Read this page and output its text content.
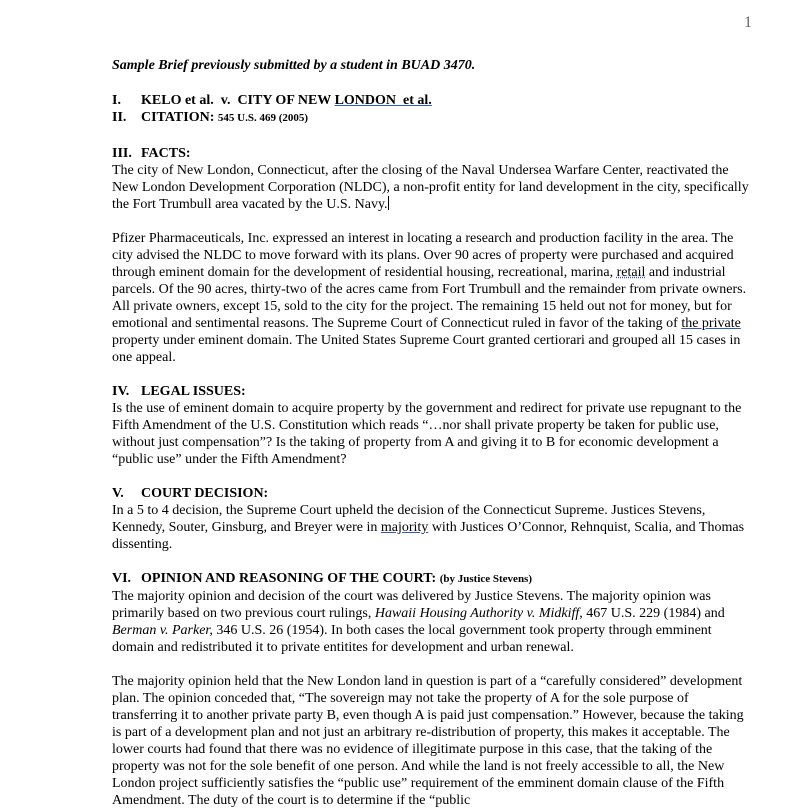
1

Sample Brief previously submitted by a student in BUAD 3470.

I. KELO et al.  v.  CITY OF NEW LONDON  et al.

II. CITATION: 545 U.S. 469 (2005)

III. FACTS:

The city of New London, Connecticut, after the closing of the Naval Undersea Warfare Center, reactivated the New London Development Corporation (NLDC), a non-profit entity for land development in the city, specifically the Fort Trumbull area vacated by the U.S. Navy.

Pfizer Pharmaceuticals, Inc. expressed an interest in locating a research and production facility in the area. The city advised the NLDC to move forward with its plans. Over 90 acres of property were purchased and acquired through eminent domain for the development of residential housing, recreational, marina, retail and industrial parcels. Of the 90 acres, thirty-two of the acres came from Fort Trumbull and the remainder from private owners. All private owners, except 15, sold to the city for the project. The remaining 15 held out not for money, but for emotional and sentimental reasons. The Supreme Court of Connecticut ruled in favor of the taking of the private property under eminent domain. The United States Supreme Court granted certiorari and grouped all 15 cases in one appeal.

IV. LEGAL ISSUES:

Is the use of eminent domain to acquire property by the government and redirect for private use repugnant to the Fifth Amendment of the U.S. Constitution which reads “…nor shall private property be taken for public use, without just compensation”? Is the taking of property from A and giving it to B for economic development a “public use” under the Fifth Amendment?

V. COURT DECISION:

In a 5 to 4 decision, the Supreme Court upheld the decision of the Connecticut Supreme. Justices Stevens, Kennedy, Souter, Ginsburg, and Breyer were in majority with Justices O’Connor, Rehnquist, Scalia, and Thomas dissenting.

VI. OPINION AND REASONING OF THE COURT: (by Justice Stevens)

The majority opinion and decision of the court was delivered by Justice Stevens. The majority opinion was primarily based on two previous court rulings, Hawaii Housing Authority v. Midkiff, 467 U.S. 229 (1984) and Berman v. Parker, 346 U.S. 26 (1954). In both cases the local government took property through emminent domain and redistributed it to private entitites for development and urban renewal.

The majority opinion held that the New London land in question is part of a “carefully considered” development plan. The opinion conceded that, “The sovereign may not take the property of A for the sole purpose of transferring it to another private party B, even though A is paid just compensation.” However, because the taking is part of a development plan and not just an arbitrary re-distribution of property, this makes it acceptable. The lower courts had found that there was no evidence of illegitimate purpose in this case, that the taking of the property was not for the sole benefit of one person. And while the land is not freely accessible to all, the New London project sufficiently satisfies the “public use” requirement of the emminent domain clause of the Fifth Amendment. The duty of the court is to determine if the “public
